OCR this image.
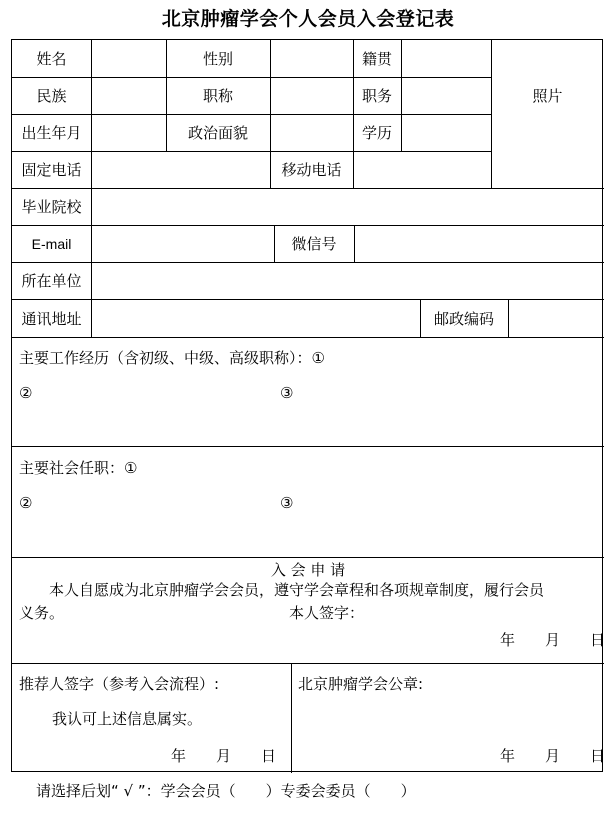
北京肿瘤学会个人会员入会登记表
姓名	性别	籍贯
照片
民族	职称	职务
出生年月	政治面貌	学历
固定电话	移动电话
毕业院校
E-mail	微信号
所在单位
通讯地址	邮政编码
主要工作经历（含初级、中级、高级职称）：①
②	③
主要社会任职：①
②	③
入 会 申 请
本人自愿成为北京肿瘤学会会员，遵守学会章程和各项规章制度，履行会员
义务。	本人签字：
年　　月　　日
推荐人签字（参考入会流程）:
我认可上述信息属实。
年　　月　　日
北京肿瘤学会公章:
年　　月　　日
请选择后划“ √ ”：学会会员（　　）专委会委员（　　）
